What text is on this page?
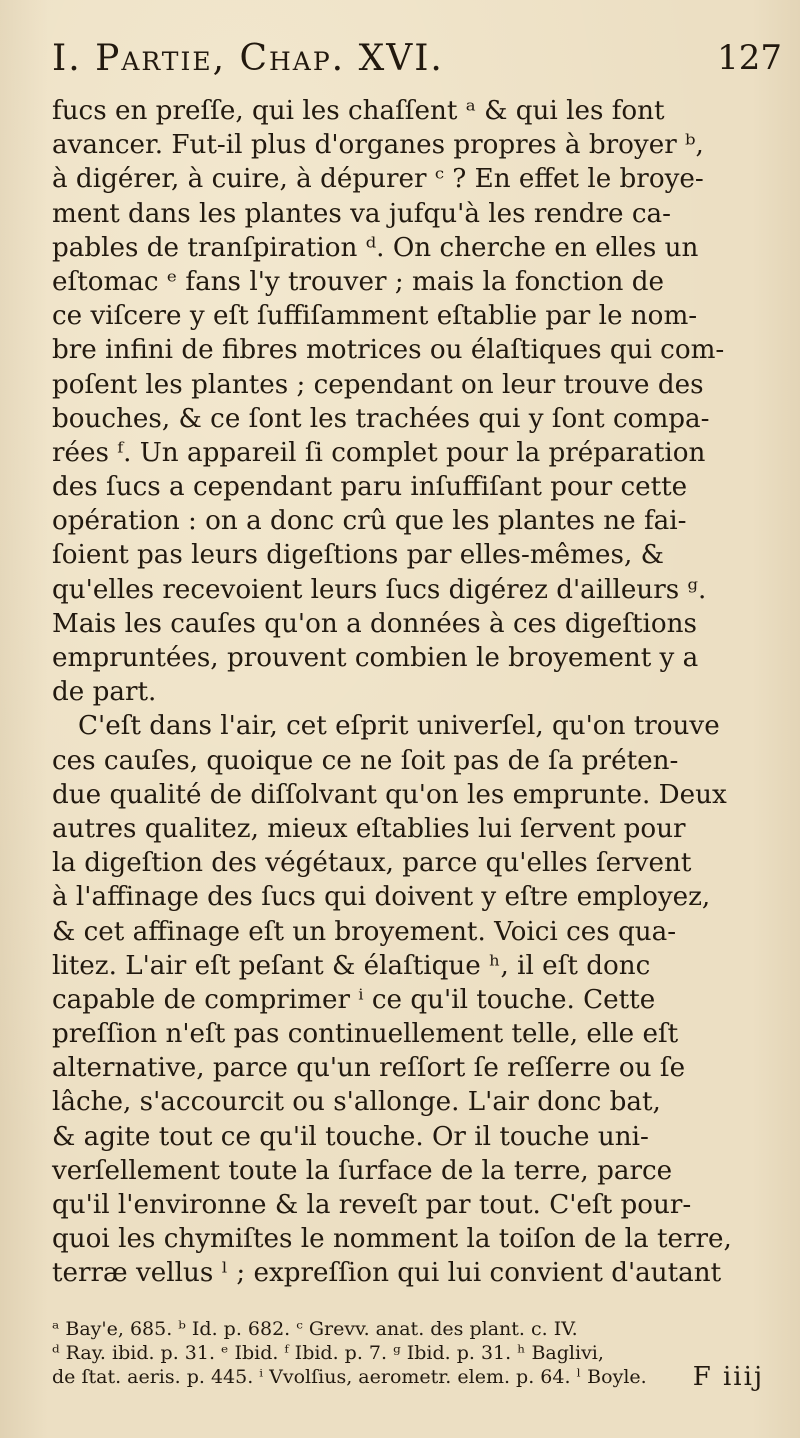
I. Partie, Chap. XVI.	127
fucs en preſſe, qui les chaſſent ᵃ & qui les font
avancer. Fut-il plus d'organes propres à broyer ᵇ,
à digérer, à cuire, à dépurer ᶜ ? En effet le broye-
ment dans les plantes va jufqu'à les rendre ca-
pables de tranſpiration ᵈ. On cherche en elles un
eſtomac ᵉ fans l'y trouver ; mais la fonction de
ce viſcere y eſt ſuffiſamment eſtablie par le nom-
bre infini de fibres motrices ou élaſtiques qui com-
poſent les plantes ; cependant on leur trouve des
bouches, & ce ſont les trachées qui y ſont compa-
rées ᶠ. Un appareil ſi complet pour la préparation
des ſucs a cependant paru inſuffiſant pour cette
opération : on a donc crû que les plantes ne fai-
ſoient pas leurs digeſtions par elles-mêmes, &
qu'elles recevoient leurs ſucs digérez d'ailleurs ᵍ.
Mais les cauſes qu'on a données à ces digeſtions
empruntées, prouvent combien le broyement y a
de part.
C'eſt dans l'air, cet eſprit univerſel, qu'on trouve
ces cauſes, quoique ce ne ſoit pas de ſa préten-
due qualité de diſſolvant qu'on les emprunte. Deux
autres qualitez, mieux eſtablies lui ſervent pour
la digeſtion des végétaux, parce qu'elles ſervent
à l'affinage des ſucs qui doivent y eſtre employez,
& cet affinage eſt un broyement. Voici ces qua-
litez. L'air eſt peſant & élaſtique ʰ, il eſt donc
capable de comprimer ⁱ ce qu'il touche. Cette
preſſion n'eſt pas continuellement telle, elle eſt
alternative, parce qu'un reſſort ſe reſſerre ou ſe
lâche, s'accourcit ou s'allonge. L'air donc bat,
& agite tout ce qu'il touche. Or il touche uni-
verſellement toute la ſurface de la terre, parce
qu'il l'environne & la reveſt par tout. C'eſt pour-
quoi les chymiſtes le nomment la toiſon de la terre,
terræ vellus ˡ ; expreſſion qui lui convient d'autant
ᵃ Bay'e, 685. ᵇ Id. p. 682. ᶜ Grevv. anat. des plant. c. IV.
ᵈ Ray. ibid. p. 31. ᵉ Ibid. ᶠ Ibid. p. 7. ᵍ Ibid. p. 31. ʰ Baglivi,
de ſtat. aeris. p. 445. ⁱ Vvolſius, aerometr. elem. p. 64. ˡ Boyle.	F iiij
